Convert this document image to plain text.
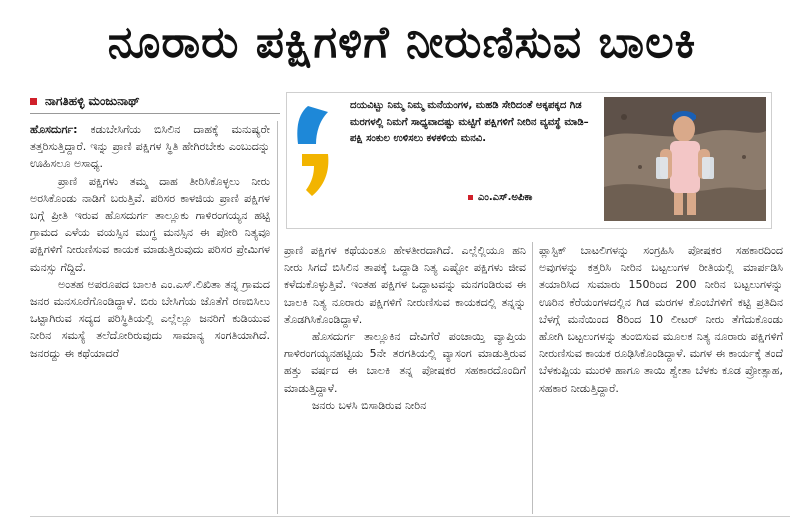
ನೂರಾರು ಪಕ್ಷಿಗಳಿಗೆ ನೀರುಣಿಸುವ ಬಾಲಕಿ
ನಾಗತಿಹಳ್ಳಿ ಮಂಜುನಾಥ್

ಹೊಸದುರ್ಗ: ಕಡುಬೇಸಿಗೆಯ ಬಿಸಿಲಿನ ದಾಹಕ್ಕೆ ಮನುಷ್ಯರೇ ತತ್ತರಿಸುತ್ತಿದ್ದಾರೆ. ಇನ್ನು ಪ್ರಾಣಿ ಪಕ್ಷಿಗಳ ಸ್ಥಿತಿ ಹೇಗಿರಬೇಕು ಎಂಬುದನ್ನು ಊಹಿಸಲೂ ಅಸಾಧ್ಯ.

ಪ್ರಾಣಿ ಪಕ್ಷಿಗಳು ತಮ್ಮ ದಾಹ ತೀರಿಸಿಕೊಳ್ಳಲು ನೀರು ಅರಸಿಕೊಂಡು ನಾಡಿಗೆ ಬರುತ್ತಿವೆ. ಪರಿಸರ ಕಾಳಜಿಯ ಪ್ರಾಣಿ ಪಕ್ಷಿಗಳ ಬಗ್ಗೆ ಪ್ರೀತಿ ಇರುವ ಹೊಸದುರ್ಗ ತಾಲ್ಲೂಕು ಗಾಳಿರಂಗಯ್ಯನ ಹಟ್ಟಿ ಗ್ರಾಮದ ಎಳೆಯ ವಯಸ್ಸಿನ ಮುಗ್ಧ ಮನಸ್ಸಿನ ಈ ಪೋರಿ ನಿತ್ಯವೂ ಪಕ್ಷಿಗಳಿಗೆ ನೀರುಣಿಸುವ ಕಾಯಕ ಮಾಡುತ್ತಿರುವುದು ಪರಿಸರ ಪ್ರೇಮಿಗಳ ಮನಸ್ಸು ಗೆದ್ದಿದೆ.

ಅಂತಹ ಅಪರೂಪದ ಬಾಲಕಿ ಎಂ.ಎಸ್.ಲಿಖಿತಾ ತನ್ನ ಗ್ರಾಮದ ಜನರ ಮನಸೂರೆಗೊಂಡಿದ್ದಾಳೆ. ಬಿರು ಬೇಸಿಗೆಯ ಜೊತೆಗೆ ರಣಬಿಸಿಲು ಒಟ್ಟಾಗಿರುವ ಸದ್ಯದ ಪರಿಸ್ಥಿತಿಯಲ್ಲಿ ಎಲ್ಲೆಲ್ಲೂ ಜನರಿಗೆ ಕುಡಿಯುವ ನೀರಿನ ಸಮಸ್ಯೆ ತಲೆದೋರಿರುವುದು ಸಾಮಾನ್ಯ ಸಂಗತಿಯಾಗಿದೆ. ಜನರದ್ದು ಈ ಕಥೆಯಾದರೆ

ದಯವಿಟ್ಟು ನಿಮ್ಮ ನಿಮ್ಮ ಮನೆಯಂಗಳ, ಮಹಡಿ ಸೇರಿದಂತೆ ಅಕ್ಕಪಕ್ಕದ ಗಿಡ ಮರಗಳಲ್ಲಿ ನಿಮಗೆ ಸಾಧ್ಯವಾದಷ್ಟು ಮಟ್ಟಿಗೆ ಪಕ್ಷಿಗಳಿಗೆ ನೀರಿನ ವ್ಯವಸ್ಥೆ ಮಾಡಿ–ಪಕ್ಷಿ ಸಂಕುಲ ಉಳಿಸಲು ಕಳಕಳಿಯ ಮನವಿ.
ಎಂ.ಎಸ್.ಅಪಿಕಾ

ಪ್ರಾಣಿ ಪಕ್ಷಿಗಳ ಕಥೆಯಂತೂ ಹೇಳತೀರದಾಗಿದೆ. ಎಲ್ಲೆಲ್ಲಿಯೂ ಹನಿ ನೀರು ಸಿಗದೆ ಬಿಸಿಲಿನ ತಾಪಕ್ಕೆ ಒದ್ದಾಡಿ ನಿತ್ಯ ಎಷ್ಟೋ ಪಕ್ಷಿಗಳು ಜೀವ ಕಳೆದುಕೊಳ್ಳುತ್ತಿವೆ. ಇಂತಹ ಪಕ್ಷಿಗಳ ಒದ್ದಾಟವನ್ನು ಮನಗಂಡಿರುವ ಈ ಬಾಲಕಿ ನಿತ್ಯ ನೂರಾರು ಪಕ್ಷಿಗಳಿಗೆ ನೀರುಣಿಸುವ ಕಾಯಕದಲ್ಲಿ ತನ್ನನ್ನು ತೊಡಗಿಸಿಕೊಂಡಿದ್ದಾಳೆ.

ಹೊಸದುರ್ಗ ತಾಲ್ಲೂಕಿನ ದೇವಿಗೆರೆ ಪಂಚಾಯ್ತಿ ವ್ಯಾಪ್ತಿಯ ಗಾಳಿರಂಗಯ್ಯನಹಟ್ಟಿಯ 5ನೇ ತರಗತಿಯಲ್ಲಿ ವ್ಯಾಸಂಗ ಮಾಡುತ್ತಿರುವ ಹತ್ತು ವರ್ಷದ ಈ ಬಾಲಕಿ ತನ್ನ ಪೋಷಕರ ಸಹಕಾರದೊಂದಿಗೆ ಮಾಡುತ್ತಿದ್ದಾಳೆ.

ಜನರು ಬಳಸಿ ಬಿಸಾಡಿರುವ ನೀರಿನ

ಪ್ಲಾಸ್ಟಿಕ್ ಬಾಟಲಿಗಳನ್ನು ಸಂಗ್ರಹಿಸಿ ಪೋಷಕರ ಸಹಕಾರದಿಂದ ಅವುಗಳನ್ನು ಕತ್ತರಿಸಿ ನೀರಿನ ಬಟ್ಟಲುಗಳ ರೀತಿಯಲ್ಲಿ ಮಾರ್ಪಡಿಸಿ ತಯಾರಿಸಿದ ಸುಮಾರು 150ರಿಂದ 200 ನೀರಿನ ಬಟ್ಟಲುಗಳನ್ನು ಊರಿನ ಕೆರೆಯಂಗಳದಲ್ಲಿನ ಗಿಡ ಮರಗಳ ಕೊಂಬೆಗಳಿಗೆ ಕಟ್ಟಿ ಪ್ರತಿದಿನ ಬೆಳಗ್ಗೆ ಮನೆಯಿಂದ 8ರಿಂದ 10 ಲೀಟರ್ ನೀರು ತೆಗೆದುಕೊಂಡು ಹೋಗಿ ಬಟ್ಟಲುಗಳನ್ನು ತುಂಬಿಸುವ ಮೂಲಕ ನಿತ್ಯ ನೂರಾರು ಪಕ್ಷಿಗಳಿಗೆ ನೀರುಣಿಸುವ ಕಾಯಕ ರೂಢಿಸಿಕೊಂಡಿದ್ದಾಳೆ. ಮಗಳ ಈ ಕಾರ್ಯಕ್ಕೆ ತಂದೆ ಬೆಳಕುಪ್ಪಿಯ ಮುರಳಿ ಹಾಗೂ ತಾಯಿ ಶ್ವೇತಾ ಬೆಳಕು ಕೂಡ ಪ್ರೋತ್ಸಾಹ, ಸಹಕಾರ ನೀಡುತ್ತಿದ್ದಾರೆ.
